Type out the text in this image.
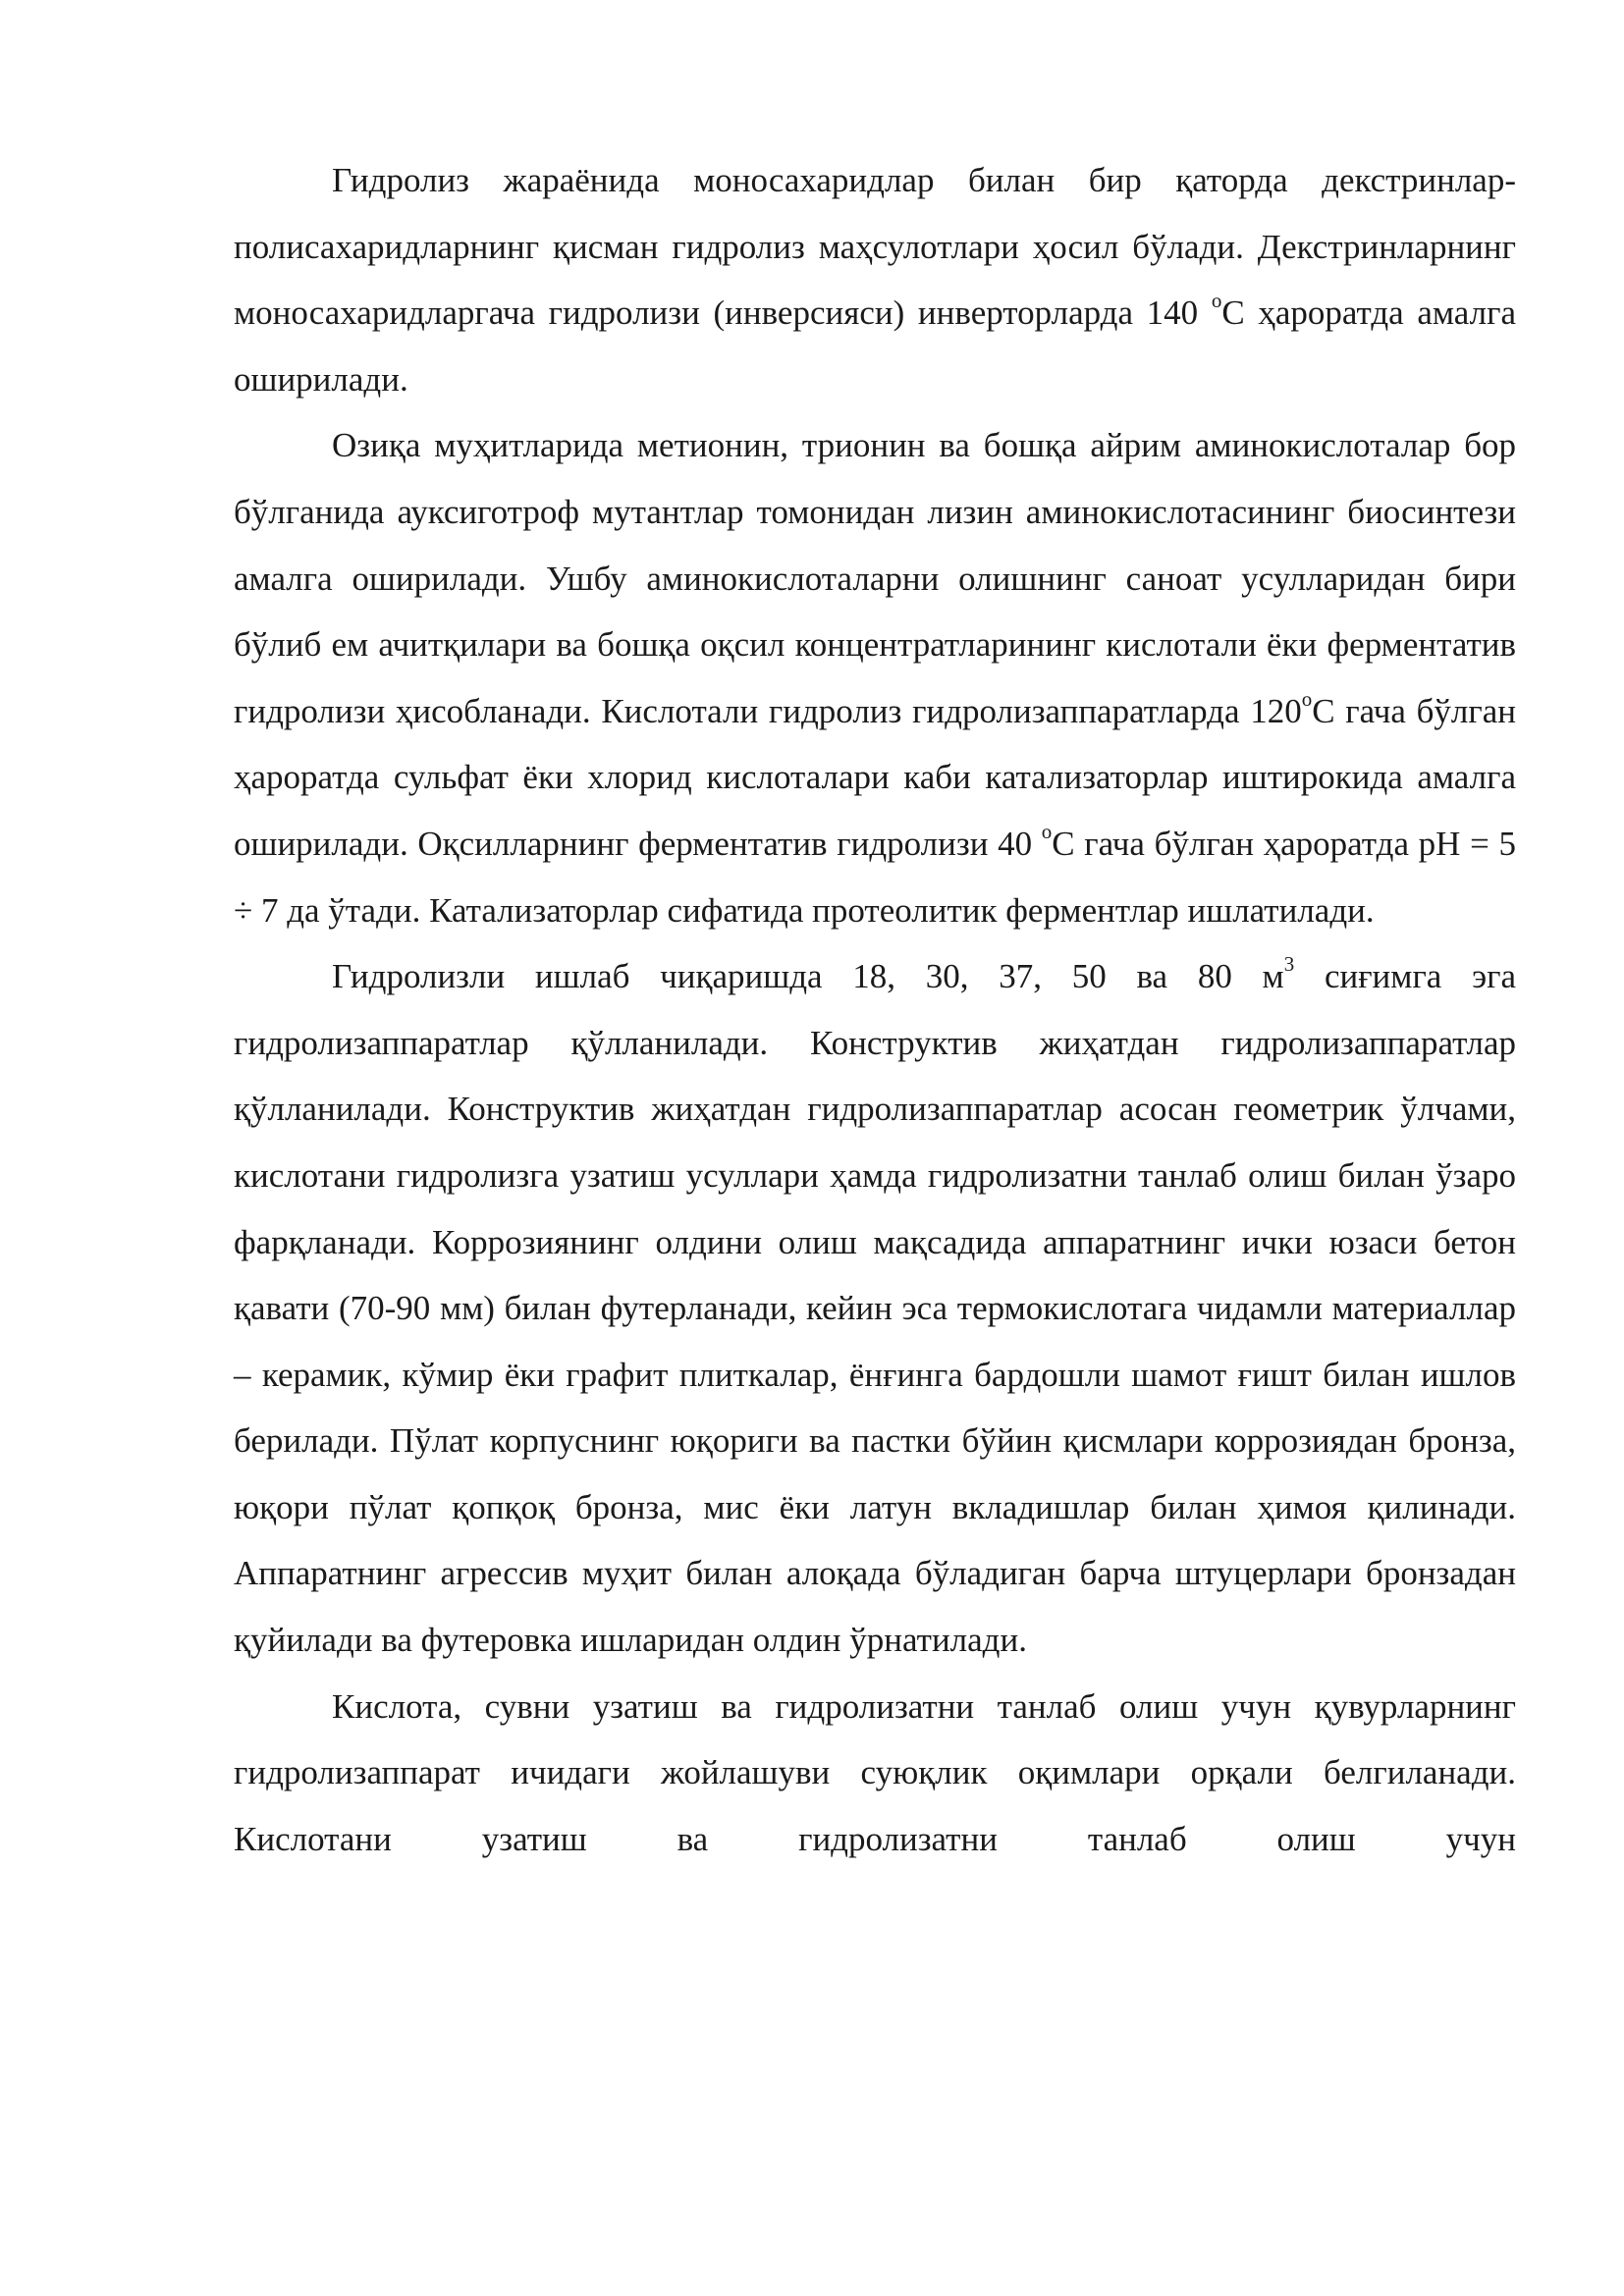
Гидролиз жараёнида моносахаридлар билан бир қаторда декстринлар-полисахаридларнинг қисман гидролиз маҳсулотлари ҳосил бўлади. Декстринларнинг моносахаридларгача гидролизи (инверсияси) инверторларда 140 $^o$С ҳароратда амалга оширилади.

Озиқа муҳитларида метионин, трионин ва бошқа айрим аминокислоталар бор бўлганида ауксиготроф мутантлар томонидан лизин аминокислотасининг биосинтези амалга оширилади. Ушбу аминокислоталарни олишнинг саноат усулларидан бири бўлиб ем ачитқилари ва бошқа оқсил концентратларининг кислотали ёки ферментатив гидролизи ҳисобланади. Кислотали гидролиз гидролизаппаратларда 120$^o$С гача бўлган ҳароратда сульфат ёки хлорид кислоталари каби катализаторлар иштирокида амалга оширилади. Оқсилларнинг ферментатив гидролизи 40 $^o$С гача бўлган ҳароратда pH = 5 ÷ 7 да ўтади. Катализаторлар сифатида протеолитик ферментлар ишлатилади.

Гидролизли ишлаб чиқаришда 18, 30, 37, 50 ва 80 $м^3$ сиғимга эга гидролизаппаратлар қўлланилади. Конструктив жиҳатдан гидролизаппаратлар қўлланилади. Конструктив жиҳатдан гидролизаппаратлар асосан геометрик ўлчами, кислотани гидролизга узатиш усуллари ҳамда гидролизатни танлаб олиш билан ўзаро фарқланади. Коррозиянинг олдини олиш мақсадида аппаратнинг ички юзаси бетон қавати (70-90 мм) билан футерланади, кейин эса термокислотага чидамли материаллар – керамик, кўмир ёки графит плиткалар, ёнғинга бардошли шамот ғишт билан ишлов берилади. Пўлат корпуснинг юқориги ва пастки бўйин қисмлари коррозиядан бронза, юқори пўлат қопқоқ бронза, мис ёки латун вкладишлар билан ҳимоя қилинади. Аппаратнинг агрессив муҳит билан алоқада бўладиган барча штуцерлари бронзадан қуйилади ва футеровка ишларидан олдин ўрнатилади.

Кислота, сувни узатиш ва гидролизатни танлаб олиш учун қувурларнинг гидролизаппарат ичидаги жойлашуви суюқлик оқимлари орқали белгиланади. Кислотани узатиш ва гидролизатни танлаб олиш учун
